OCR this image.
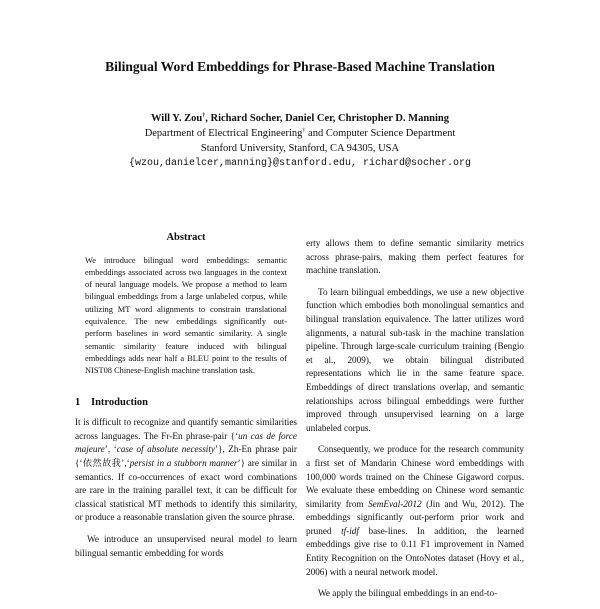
Bilingual Word Embeddings for Phrase-Based Machine Translation
Will Y. Zou†, Richard Socher, Daniel Cer, Christopher D. Manning
Department of Electrical Engineering† and Computer Science Department
Stanford University, Stanford, CA 94305, USA
{wzou,danielcer,manning}@stanford.edu, richard@socher.org
Abstract
We introduce bilingual word embeddings: semantic embeddings associated across two languages in the context of neural language models. We propose a method to learn bilingual embeddings from a large unlabeled corpus, while utilizing MT word alignments to constrain translational equivalence. The new embeddings significantly out-perform baselines in word semantic similarity. A single semantic similarity feature induced with bilingual embeddings adds near half a BLEU point to the results of NIST08 Chinese-English machine translation task.
1 Introduction

It is difficult to recognize and quantify semantic similarities across languages. The Fr-En phrase-pair {‘un cas de force majeure’, ‘case of absolute necessity’}, Zh-En phrase pair {‘依然故我’,‘persist in a stubborn manner’} are similar in semantics. If co-occurrences of exact word combinations are rare in the training parallel text, it can be difficult for classical statistical MT methods to identify this similarity, or produce a reasonable translation given the source phrase.

We introduce an unsupervised neural model to learn bilingual semantic embedding for words

erty allows them to define semantic similarity metrics across phrase-pairs, making them perfect features for machine translation.

To learn bilingual embeddings, we use a new objective function which embodies both monolingual semantics and bilingual translation equivalence. The latter utilizes word alignments, a natural sub-task in the machine translation pipeline. Through large-scale curriculum training (Bengio et al., 2009), we obtain bilingual distributed representations which lie in the same feature space. Embeddings of direct translations overlap, and semantic relationships across bilingual embeddings were further improved through unsupervised learning on a large unlabeled corpus.

Consequently, we produce for the research community a first set of Mandarin Chinese word embeddings with 100,000 words trained on the Chinese Gigaword corpus. We evaluate these embedding on Chinese word semantic similarity from SemEval-2012 (Jin and Wu, 2012). The embeddings significantly out-perform prior work and pruned tf-idf base-lines. In addition, the learned embeddings give rise to 0.11 F1 improvement in Named Entity Recognition on the OntoNotes dataset (Hovy et al., 2006) with a neural network model.

We apply the bilingual embeddings in an end-to-
